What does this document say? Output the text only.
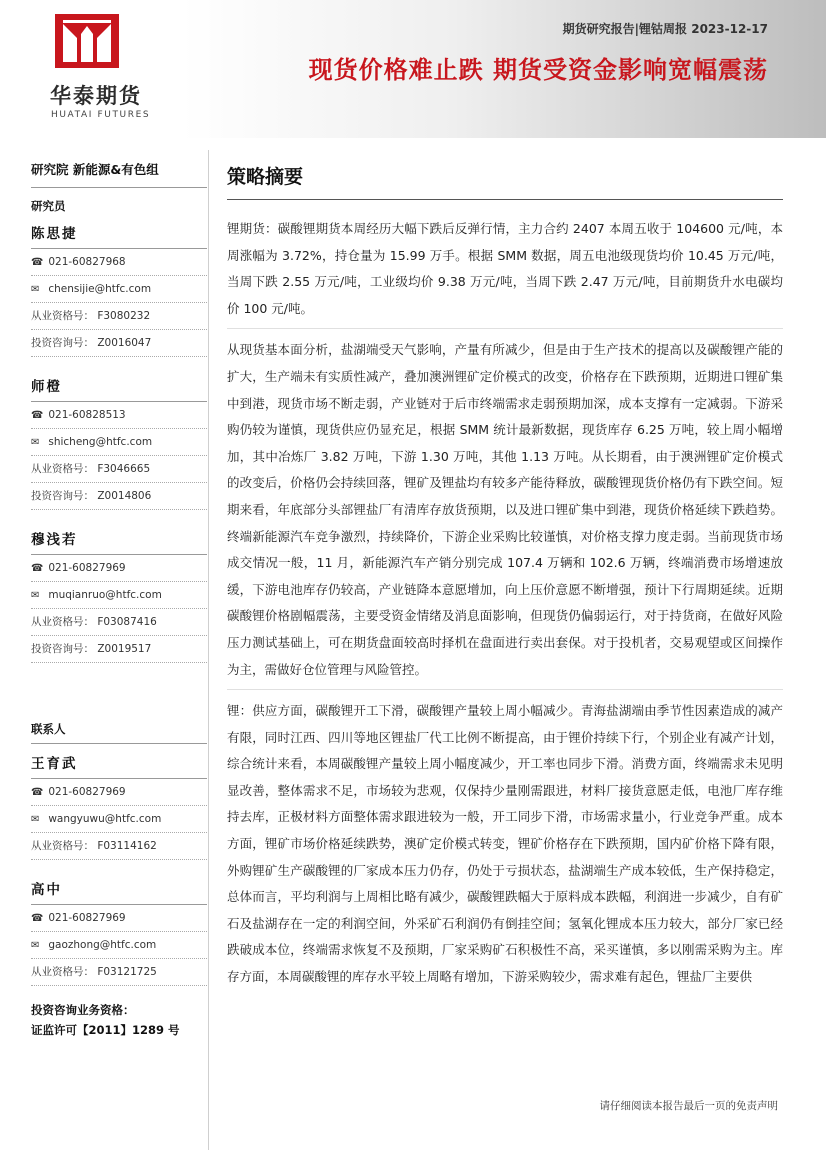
华泰期货
HUATAI FUTURES
期货研究报告|锂钴周报 2023-12-17
现货价格难止跌 期货受资金影响宽幅震荡
研究院 新能源&有色组
研究员
陈思捷
☎ 021-60827968
✉ chensijie@htfc.com
从业资格号： F3080232
投资咨询号： Z0016047
师橙
☎ 021-60828513
✉ shicheng@htfc.com
从业资格号： F3046665
投资咨询号： Z0014806
穆浅若
☎ 021-60827969
✉ muqianruo@htfc.com
从业资格号： F03087416
投资咨询号： Z0019517
联系人
王育武
☎ 021-60827969
✉ wangyuwu@htfc.com
从业资格号： F03114162
高中
☎ 021-60827969
✉ gaozhong@htfc.com
从业资格号： F03121725
投资咨询业务资格：
证监许可【2011】1289 号
策略摘要
锂期货：碳酸锂期货本周经历大幅下跌后反弹行情，主力合约 2407 本周五收于 104600 元/吨，本周涨幅为 3.72%，持仓量为 15.99 万手。根据 SMM 数据，周五电池级现货均价 10.45 万元/吨，当周下跌 2.55 万元/吨，工业级均价 9.38 万元/吨，当周下跌 2.47 万元/吨，目前期货升水电碳均价 100 元/吨。
从现货基本面分析，盐湖端受天气影响，产量有所减少，但是由于生产技术的提高以及碳酸锂产能的扩大，生产端未有实质性减产，叠加澳洲锂矿定价模式的改变，价格存在下跌预期，近期进口锂矿集中到港，现货市场不断走弱，产业链对于后市终端需求走弱预期加深，成本支撑有一定减弱。下游采购仍较为谨慎，现货供应仍显充足，根据 SMM 统计最新数据，现货库存 6.25 万吨，较上周小幅增加，其中冶炼厂 3.82 万吨，下游 1.30 万吨，其他 1.13 万吨。从长期看，由于澳洲锂矿定价模式的改变后，价格仍会持续回落，锂矿及锂盐均有较多产能待释放，碳酸锂现货价格仍有下跌空间。短期来看，年底部分头部锂盐厂有清库存放货预期，以及进口锂矿集中到港，现货价格延续下跌趋势。终端新能源汽车竞争激烈，持续降价，下游企业采购比较谨慎，对价格支撑力度走弱。当前现货市场成交情况一般，11 月，新能源汽车产销分别完成 107.4 万辆和 102.6 万辆，终端消费市场增速放缓，下游电池库存仍较高，产业链降本意愿增加，向上压价意愿不断增强，预计下行周期延续。近期碳酸锂价格剧幅震荡，主要受资金情绪及消息面影响，但现货仍偏弱运行，对于持货商，在做好风险压力测试基础上，可在期货盘面较高时择机在盘面进行卖出套保。对于投机者，交易观望或区间操作为主，需做好仓位管理与风险管控。
锂：供应方面，碳酸锂开工下滑，碳酸锂产量较上周小幅减少。青海盐湖端由季节性因素造成的减产有限，同时江西、四川等地区锂盐厂代工比例不断提高，由于锂价持续下行，个别企业有减产计划，综合统计来看，本周碳酸锂产量较上周小幅度减少，开工率也同步下滑。消费方面，终端需求未见明显改善，整体需求不足，市场较为悲观，仅保持少量刚需跟进，材料厂接货意愿走低，电池厂库存维持去库，正极材料方面整体需求跟进较为一般，开工同步下滑，市场需求量小，行业竞争严重。成本方面，锂矿市场价格延续跌势，澳矿定价模式转变，锂矿价格存在下跌预期，国内矿价格下降有限，外购锂矿生产碳酸锂的厂家成本压力仍存，仍处于亏损状态，盐湖端生产成本较低，生产保持稳定，总体而言，平均利润与上周相比略有减少，碳酸锂跌幅大于原料成本跌幅，利润进一步减少，自有矿石及盐湖存在一定的利润空间，外采矿石利润仍有倒挂空间；氢氧化锂成本压力较大，部分厂家已经跌破成本位，终端需求恢复不及预期，厂家采购矿石积极性不高，采买谨慎，多以刚需采购为主。库存方面，本周碳酸锂的库存水平较上周略有增加，下游采购较少，需求难有起色，锂盐厂主要供
请仔细阅读本报告最后一页的免责声明
